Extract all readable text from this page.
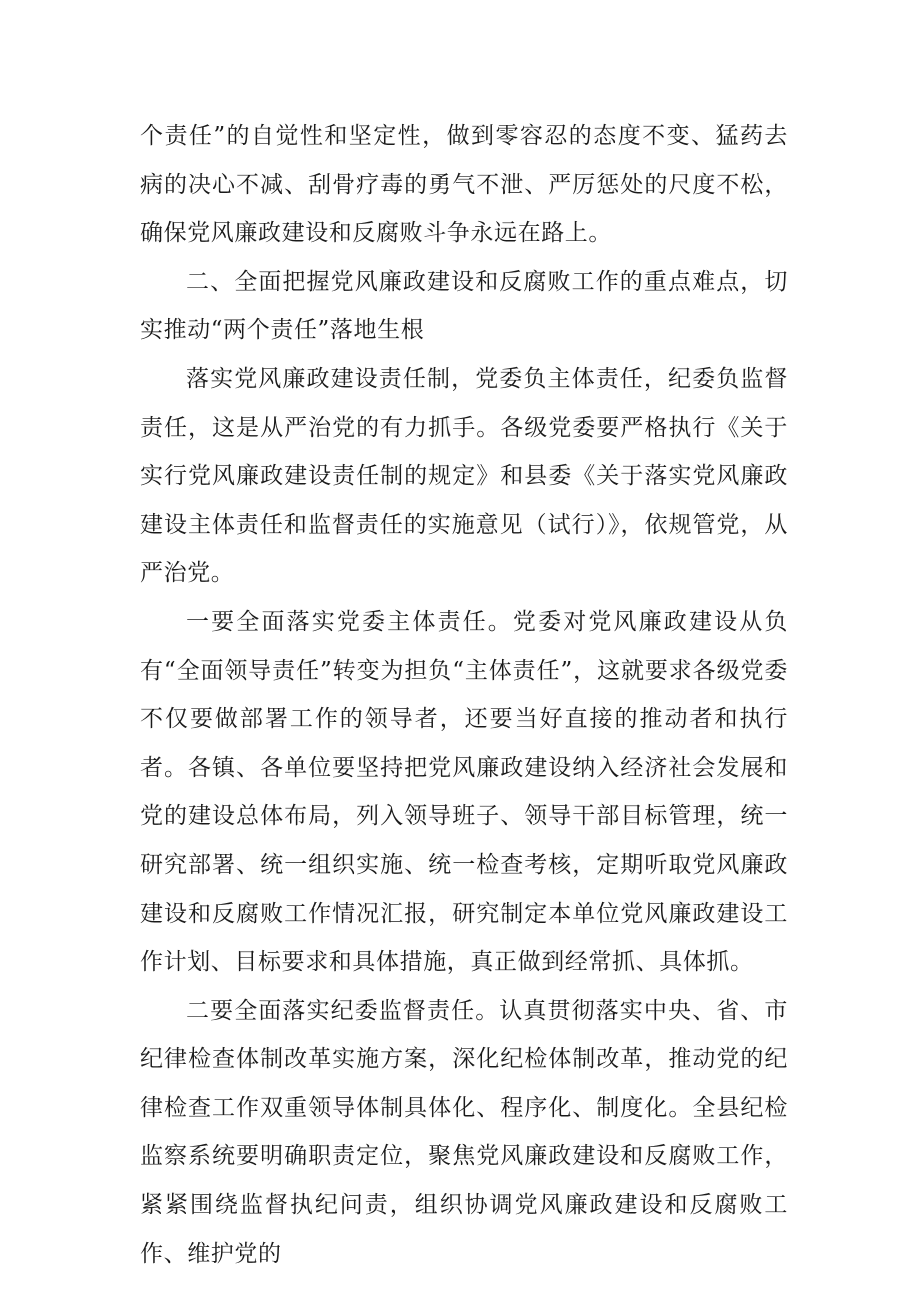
个责任”的自觉性和坚定性，做到零容忍的态度不变、猛药去病的决心不减、刮骨疗毒的勇气不泄、严厉惩处的尺度不松，确保党风廉政建设和反腐败斗争永远在路上。

二、全面把握党风廉政建设和反腐败工作的重点难点，切实推动“两个责任”落地生根

落实党风廉政建设责任制，党委负主体责任，纪委负监督责任，这是从严治党的有力抓手。各级党委要严格执行《关于实行党风廉政建设责任制的规定》和县委《关于落实党风廉政建设主体责任和监督责任的实施意见（试行）》，依规管党，从严治党。

一要全面落实党委主体责任。党委对党风廉政建设从负有“全面领导责任”转变为担负“主体责任”，这就要求各级党委不仅要做部署工作的领导者，还要当好直接的推动者和执行者。各镇、各单位要坚持把党风廉政建设纳入经济社会发展和党的建设总体布局，列入领导班子、领导干部目标管理，统一研究部署、统一组织实施、统一检查考核，定期听取党风廉政建设和反腐败工作情况汇报，研究制定本单位党风廉政建设工作计划、目标要求和具体措施，真正做到经常抓、具体抓。

二要全面落实纪委监督责任。认真贯彻落实中央、省、市纪律检查体制改革实施方案，深化纪检体制改革，推动党的纪律检查工作双重领导体制具体化、程序化、制度化。全县纪检监察系统要明确职责定位，聚焦党风廉政建设和反腐败工作，紧紧围绕监督执纪问责，组织协调党风廉政建设和反腐败工作、维护党的
